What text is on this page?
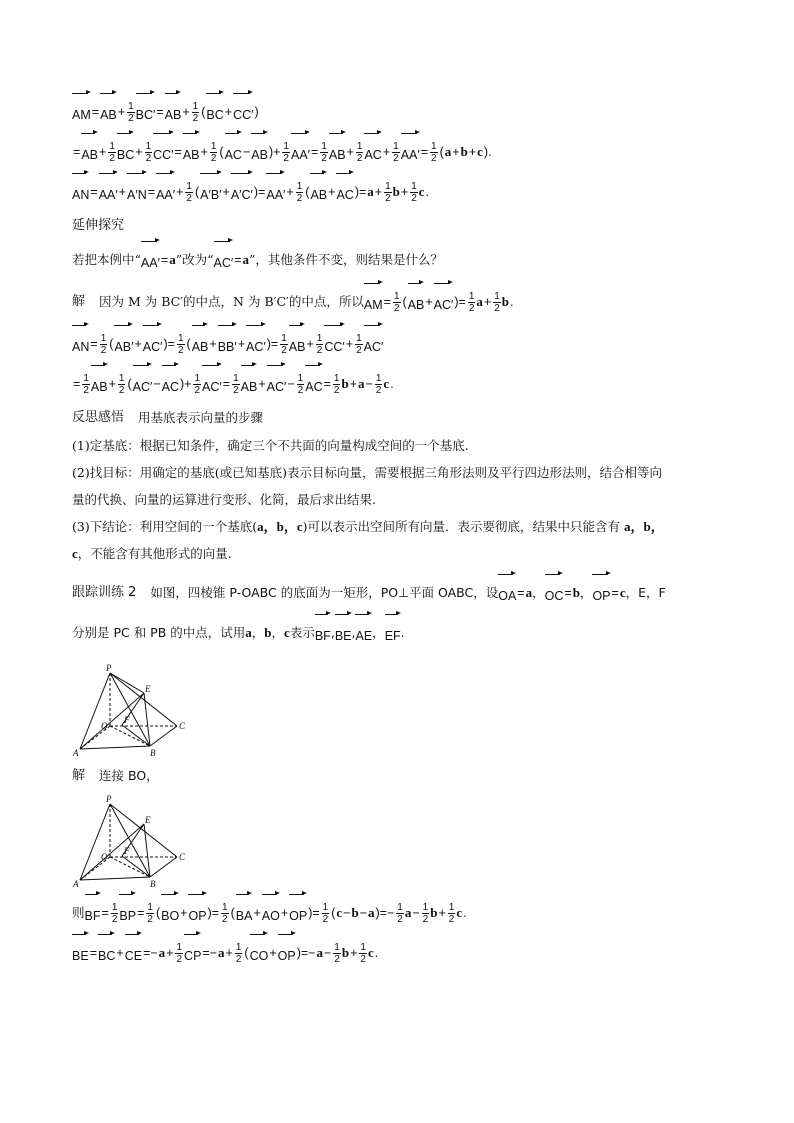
AM = AB + $\frac{1}{2} BC'$ = AB + $\frac{1}{2}$ ( BC + CC′ )
= AB + $\frac{1}{2}$ BC + $\frac{1}{2} CC'$ = AB + $\frac{1}{2}$ ( AC − AB )+ $\frac{1}{2} AA' = \frac{1}{2}$ AB + $\frac{1}{2}$ AC + $\frac{1}{2} AA' = \frac{1}{2}$ ( a + b + c ).
AN = $AA' + A'N = AA' + \frac{1}{2}$ ( A′B′ + A′C′ )= $AA' + \frac{1}{2}$ ( AB + AC )= $a + \frac{1}{2}$ $b + \frac{1}{2}$ c .
延伸探究
若把本例中“ AA′ = a ”改为“ AC′ = a ”，其他条件不变，则结果是什么？
解 因为 M 为 BC′的中点，N 为 B′C′的中点，所以 AM = $\frac{1}{2}$ ( AB + AC′ )= $\frac{1}{2}$ $a + \frac{1}{2}$ b .
AN = $\frac{1}{2}$ ( AB′ + AC′ )= $\frac{1}{2}$ ( AB + BB′ + AC′ )= $\frac{1}{2}$ AB + $\frac{1}{2} CC' + \frac{1}{2} AC'$
= $\frac{1}{2}$ AB + $\frac{1}{2}$ ( AC′ − AC )+ $\frac{1}{2} AC' = \frac{1}{2}$ AB + $AC' - \frac{1}{2}$ AC = $\frac{1}{2}$ $b + a - \frac{1}{2}$ c .
反思感悟 用基底表示向量的步骤
(1)定基底：根据已知条件，确定三个不共面的向量构成空间的一个基底.
(2)找目标：用确定的基底(或已知基底)表示目标向量，需要根据三角形法则及平行四边形法则，结合相等向
量的代换、向量的运算进行变形、化简，最后求出结果.
(3)下结论：利用空间的一个基底(a，b，c)可以表示出空间所有向量．表示要彻底，结果中只能含有 a，b，
c，不能含有其他形式的向量.
跟踪训练 2 如图，四棱锥 P-OABC 的底面为一矩形，PO⊥平面 OABC，设 OA = a ， OC = b ， OP = c ，E，F
分别是 PC 和 PB 的中点，试用 a ， b ， c 表示 BF , BE , AE ， EF .
P
E
O
F
C
A	B
解 连接 BO，
P
E
O
F
C
A	B
则 BF = $\frac{1}{2}$ BP = $\frac{1}{2}$ ( BO + OP )= $\frac{1}{2}$ ( BA + AO + OP )= $\frac{1}{2}$ ( c − b − a )=− $\frac{1}{2}$ $a - \frac{1}{2}$ $b + \frac{1}{2}$ c .
BE = BC + CE =− $a + \frac{1}{2}$ CP =− $a + \frac{1}{2}$ ( CO + OP )=− $a - \frac{1}{2}$ $b + \frac{1}{2}$ c .
